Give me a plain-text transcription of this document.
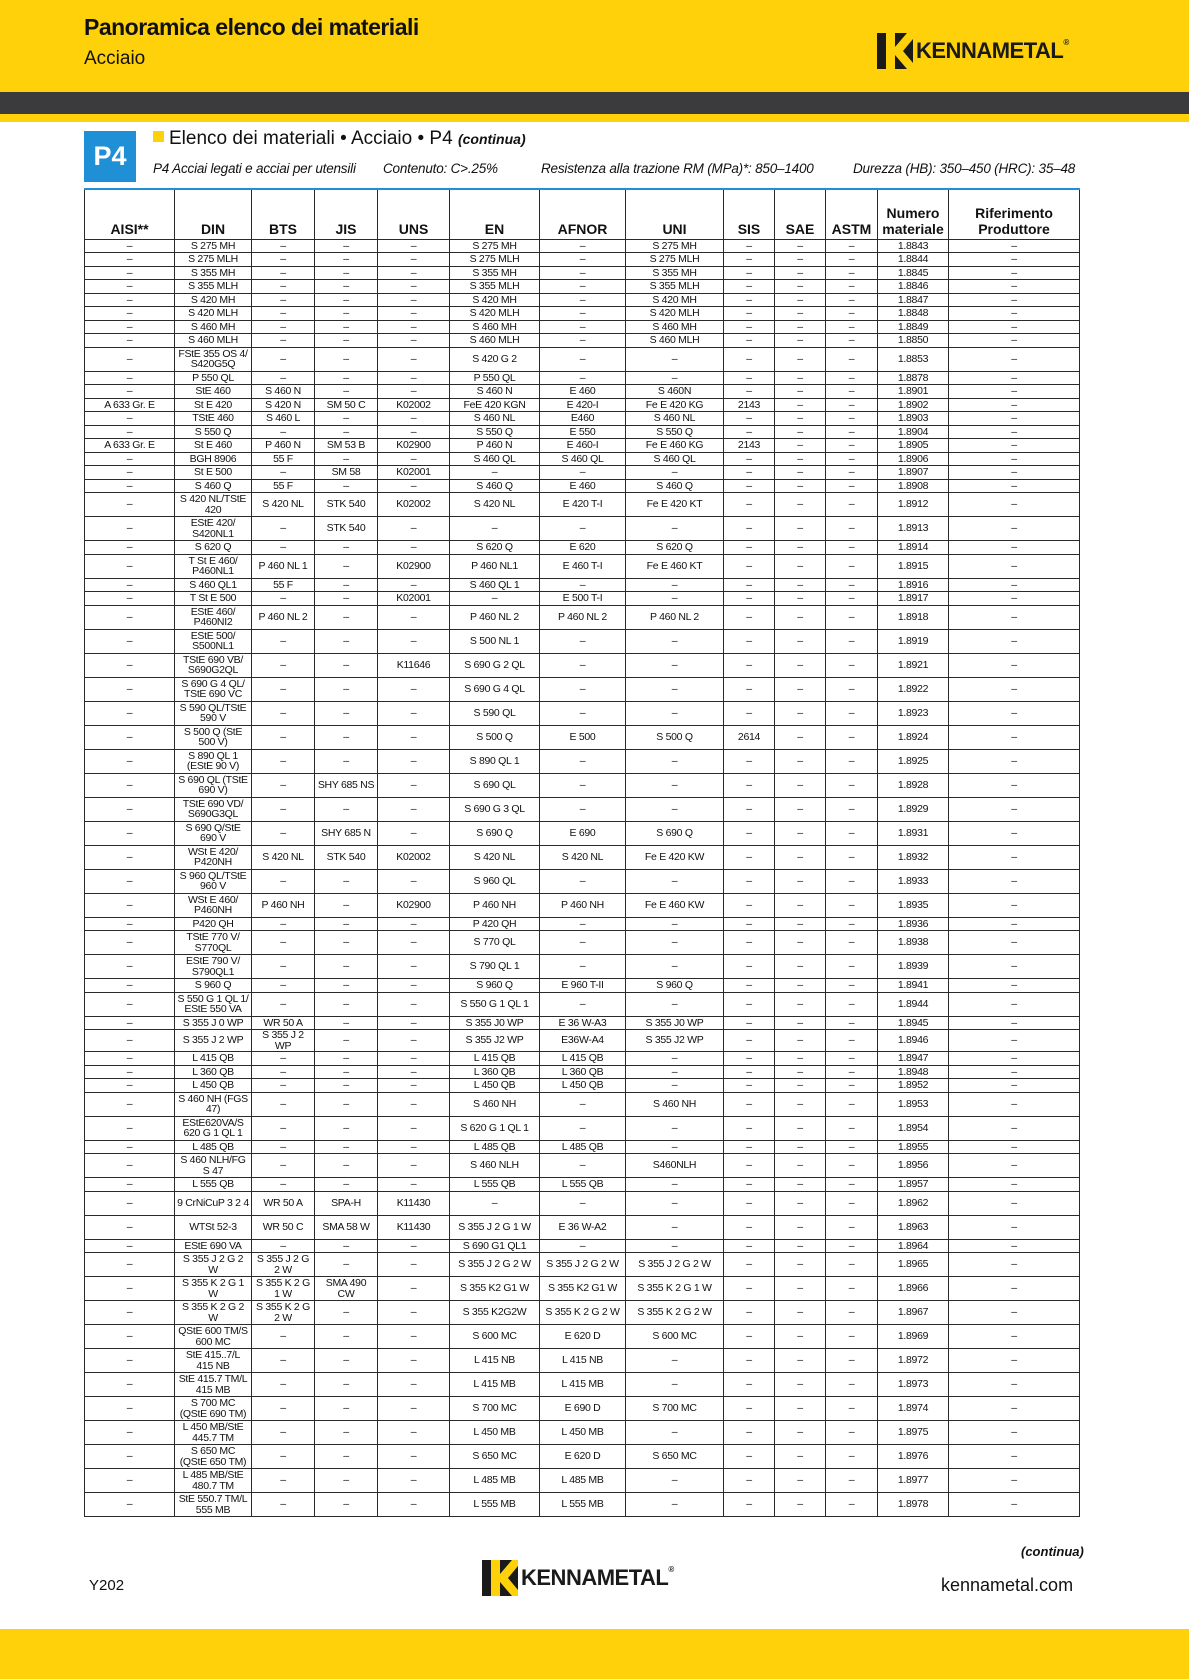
Panoramica elenco dei materiali
Acciaio	KENNAMETAL®
P4
Elenco dei materiali • Acciaio • P4 (continua)
P4 Acciai legati e acciai per utensili Contenuto: C>.25%	Resistenza alla trazione RM (MPa)*: 850–1400	Durezza (HB): 350–450 (HRC): 35–48
AISI**	DIN	BTS	JIS	UNS	EN	AFNOR	UNI	SIS	SAE	ASTM	Numero materiale	Riferimento Produttore
–	S 275 MH	–	–	–	S 275 MH	–	S 275 MH	–	–	–	1.8843	–
–	S 275 MLH	–	–	–	S 275 MLH	–	S 275 MLH	–	–	–	1.8844	–
–	S 355 MH	–	–	–	S 355 MH	–	S 355 MH	–	–	–	1.8845	–
–	S 355 MLH	–	–	–	S 355 MLH	–	S 355 MLH	–	–	–	1.8846	–
–	S 420 MH	–	–	–	S 420 MH	–	S 420 MH	–	–	–	1.8847	–
–	S 420 MLH	–	–	–	S 420 MLH	–	S 420 MLH	–	–	–	1.8848	–
–	S 460 MH	–	–	–	S 460 MH	–	S 460 MH	–	–	–	1.8849	–
–	S 460 MLH	–	–	–	S 460 MLH	–	S 460 MLH	–	–	–	1.8850	–
–	FStE 355 OS 4/ S420G5Q	–	–	–	S 420 G 2	–	–	–	–	–	1.8853	–
–	P 550 QL	–	–	–	P 550 QL	–	–	–	–	–	1.8878	–
–	StE 460	S 460 N	–	–	S 460 N	E 460	S 460N	–	–	–	1.8901	–
A 633 Gr. E	St E 420	S 420 N	SM 50 C	K02002	FeE 420 KGN	E 420-I	Fe E 420 KG	2143	–	–	1.8902	–
–	TStE 460	S 460 L	–	–	S 460 NL	E460	S 460 NL	–	–	–	1.8903	–
–	S 550 Q	–	–	–	S 550 Q	E 550	S 550 Q	–	–	–	1.8904	–
A 633 Gr. E	St E 460	P 460 N	SM 53 B	K02900	P 460 N	E 460-I	Fe E 460 KG	2143	–	–	1.8905	–
–	BGH 8906	55 F	–	–	S 460 QL	S 460 QL	S 460 QL	–	–	–	1.8906	–
–	St E 500	–	SM 58	K02001	–	–	–	–	–	–	1.8907	–
–	S 460 Q	55 F	–	–	S 460 Q	E 460	S 460 Q	–	–	–	1.8908	–
–	S 420 NL/TStE 420	S 420 NL	STK 540	K02002	S 420 NL	E 420 T-I	Fe E 420 KT	–	–	–	1.8912	–
–	EStE 420/ S420NL1	–	STK 540	–	–	–	–	–	–	–	1.8913	–
–	S 620 Q	–	–	–	S 620 Q	E 620	S 620 Q	–	–	–	1.8914	–
–	T St E 460/ P460NL1	P 460 NL 1	–	K02900	P 460 NL1	E 460 T-I	Fe E 460 KT	–	–	–	1.8915	–
–	S 460 QL1	55 F	–	–	S 460 QL 1	–	–	–	–	–	1.8916	–
–	T St E 500	–	–	K02001	–	E 500 T-I	–	–	–	–	1.8917	–
–	EStE 460/ P460NI2	P 460 NL 2	–	–	P 460 NL 2	P 460 NL 2	P 460 NL 2	–	–	–	1.8918	–
–	EStE 500/ S500NL1	–	–	–	S 500 NL 1	–	–	–	–	–	1.8919	–
–	TStE 690 VB/ S690G2QL	–	–	K11646	S 690 G 2 QL	–	–	–	–	–	1.8921	–
–	S 690 G 4 QL/ TStE 690 VC	–	–	–	S 690 G 4 QL	–	–	–	–	–	1.8922	–
–	S 590 QL/TStE 590 V	–	–	–	S 590 QL	–	–	–	–	–	1.8923	–
–	S 500 Q (StE 500 V)	–	–	–	S 500 Q	E 500	S 500 Q	2614	–	–	1.8924	–
–	S 890 QL 1 (EStE 90 V)	–	–	–	S 890 QL 1	–	–	–	–	–	1.8925	–
–	S 690 QL (TStE 690 V)	–	SHY 685 NS	–	S 690 QL	–	–	–	–	–	1.8928	–
–	TStE 690 VD/ S690G3QL	–	–	–	S 690 G 3 QL	–	–	–	–	–	1.8929	–
–	S 690 Q/StE 690 V	–	SHY 685 N	–	S 690 Q	E 690	S 690 Q	–	–	–	1.8931	–
–	WSt E 420/ P420NH	S 420 NL	STK 540	K02002	S 420 NL	S 420 NL	Fe E 420 KW	–	–	–	1.8932	–
–	S 960 QL/TStE 960 V	–	–	–	S 960 QL	–	–	–	–	–	1.8933	–
–	WSt E 460/ P460NH	P 460 NH	–	K02900	P 460 NH	P 460 NH	Fe E 460 KW	–	–	–	1.8935	–
–	P420 QH	–	–	–	P 420 QH	–	–	–	–	–	1.8936	–
–	TStE 770 V/ S770QL	–	–	–	S 770 QL	–	–	–	–	–	1.8938	–
–	EStE 790 V/ S790QL1	–	–	–	S 790 QL 1	–	–	–	–	–	1.8939	–
–	S 960 Q	–	–	–	S 960 Q	E 960 T-II	S 960 Q	–	–	–	1.8941	–
–	S 550 G 1 QL 1/ EStE 550 VA	–	–	–	S 550 G 1 QL 1	–	–	–	–	–	1.8944	–
–	S 355 J 0 WP	WR 50 A	–	–	S 355 J0 WP	E 36 W-A3	S 355 J0 WP	–	–	–	1.8945	–
–	S 355 J 2 WP	S 355 J 2 WP	–	–	S 355 J2 WP	E36W-A4	S 355 J2 WP	–	–	–	1.8946	–
–	L 415 QB	–	–	–	L 415 QB	L 415 QB	–	–	–	–	1.8947	–
–	L 360 QB	–	–	–	L 360 QB	L 360 QB	–	–	–	–	1.8948	–
–	L 450 QB	–	–	–	L 450 QB	L 450 QB	–	–	–	–	1.8952	–
–	S 460 NH (FGS 47)	–	–	–	S 460 NH	–	S 460 NH	–	–	–	1.8953	–
–	EStE620VA/S 620 G 1 QL 1	–	–	–	S 620 G 1 QL 1	–	–	–	–	–	1.8954	–
–	L 485 QB	–	–	–	L 485 QB	L 485 QB	–	–	–	–	1.8955	–
–	S 460 NLH/FG S 47	–	–	–	S 460 NLH	–	S460NLH	–	–	–	1.8956	–
–	L 555 QB	–	–	–	L 555 QB	L 555 QB	–	–	–	–	1.8957	–
–	9 CrNiCuP 3 2 4	WR 50 A	SPA-H	K11430	–	–	–	–	–	–	1.8962	–
–	WTSt 52-3	WR 50 C	SMA 58 W	K11430	S 355 J 2 G 1 W	E 36 W-A2	–	–	–	–	1.8963	–
–	EStE 690 VA	–	–	–	S 690 G1 QL1	–	–	–	–	–	1.8964	–
–	S 355 J 2 G 2 W	S 355 J 2 G 2 W	–	–	S 355 J 2 G 2 W	S 355 J 2 G 2 W	S 355 J 2 G 2 W	–	–	–	1.8965	–
–	S 355 K 2 G 1 W	S 355 K 2 G 1 W	SMA 490 CW	–	S 355 K2 G1 W	S 355 K2 G1 W	S 355 K 2 G 1 W	–	–	–	1.8966	–
–	S 355 K 2 G 2 W	S 355 K 2 G 2 W	–	–	S 355 K2G2W	S 355 K 2 G 2 W	S 355 K 2 G 2 W	–	–	–	1.8967	–
–	QStE 600 TM/S 600 MC	–	–	–	S 600 MC	E 620 D	S 600 MC	–	–	–	1.8969	–
–	StE 415..7/L 415 NB	–	–	–	L 415 NB	L 415 NB	–	–	–	–	1.8972	–
–	StE 415.7 TM/L 415 MB	–	–	–	L 415 MB	L 415 MB	–	–	–	–	1.8973	–
–	S 700 MC (QStE 690 TM)	–	–	–	S 700 MC	E 690 D	S 700 MC	–	–	–	1.8974	–
–	L 450 MB/StE 445.7 TM	–	–	–	L 450 MB	L 450 MB	–	–	–	–	1.8975	–
–	S 650 MC (QStE 650 TM)	–	–	–	S 650 MC	E 620 D	S 650 MC	–	–	–	1.8976	–
–	L 485 MB/StE 480.7 TM	–	–	–	L 485 MB	L 485 MB	–	–	–	–	1.8977	–
–	StE 550.7 TM/L 555 MB	–	–	–	L 555 MB	L 555 MB	–	–	–	–	1.8978	–
(continua)
Y202	KENNAMETAL®
kennametal.com
